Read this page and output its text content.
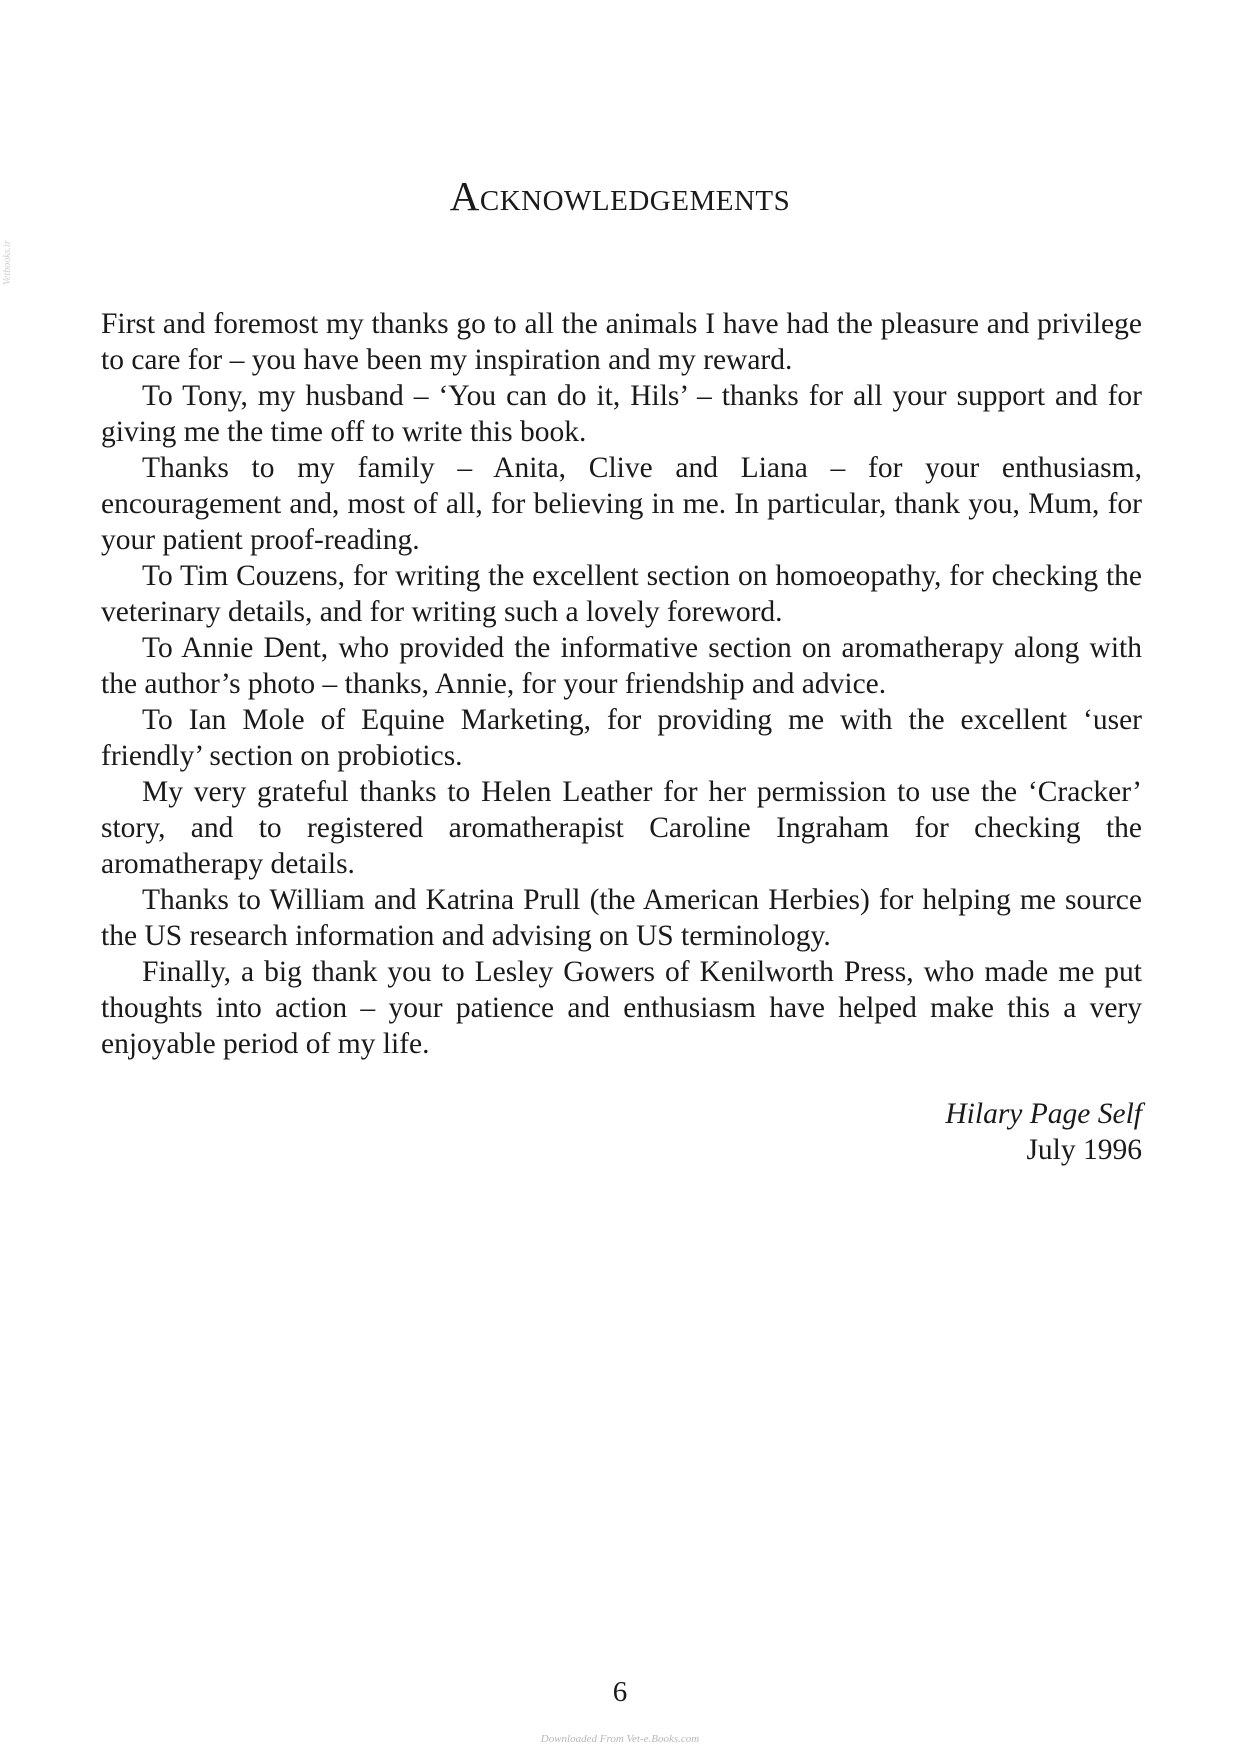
Vetbooks.ir
Acknowledgements

First and foremost my thanks go to all the animals I have had the pleasure and privilege to care for – you have been my inspiration and my reward.

To Tony, my husband – ‘You can do it, Hils’ – thanks for all your support and for giving me the time off to write this book.

Thanks to my family – Anita, Clive and Liana – for your enthusiasm, encouragement and, most of all, for believing in me. In particular, thank you, Mum, for your patient proof-reading.

To Tim Couzens, for writing the excellent section on homoeopathy, for checking the veterinary details, and for writing such a lovely foreword.

To Annie Dent, who provided the informative section on aromatherapy along with the author’s photo – thanks, Annie, for your friendship and advice.

To Ian Mole of Equine Marketing, for providing me with the excellent ‘user friendly’ section on probiotics.

My very grateful thanks to Helen Leather for her permission to use the ‘Cracker’ story, and to registered aromatherapist Caroline Ingraham for checking the aromatherapy details.

Thanks to William and Katrina Prull (the American Herbies) for helping me source the US research information and advising on US terminology.

Finally, a big thank you to Lesley Gowers of Kenilworth Press, who made me put thoughts into action – your patience and enthusiasm have helped make this a very enjoyable period of my life.

Hilary Page Self
July 1996
6
Downloaded From Vet-e.Books.com
